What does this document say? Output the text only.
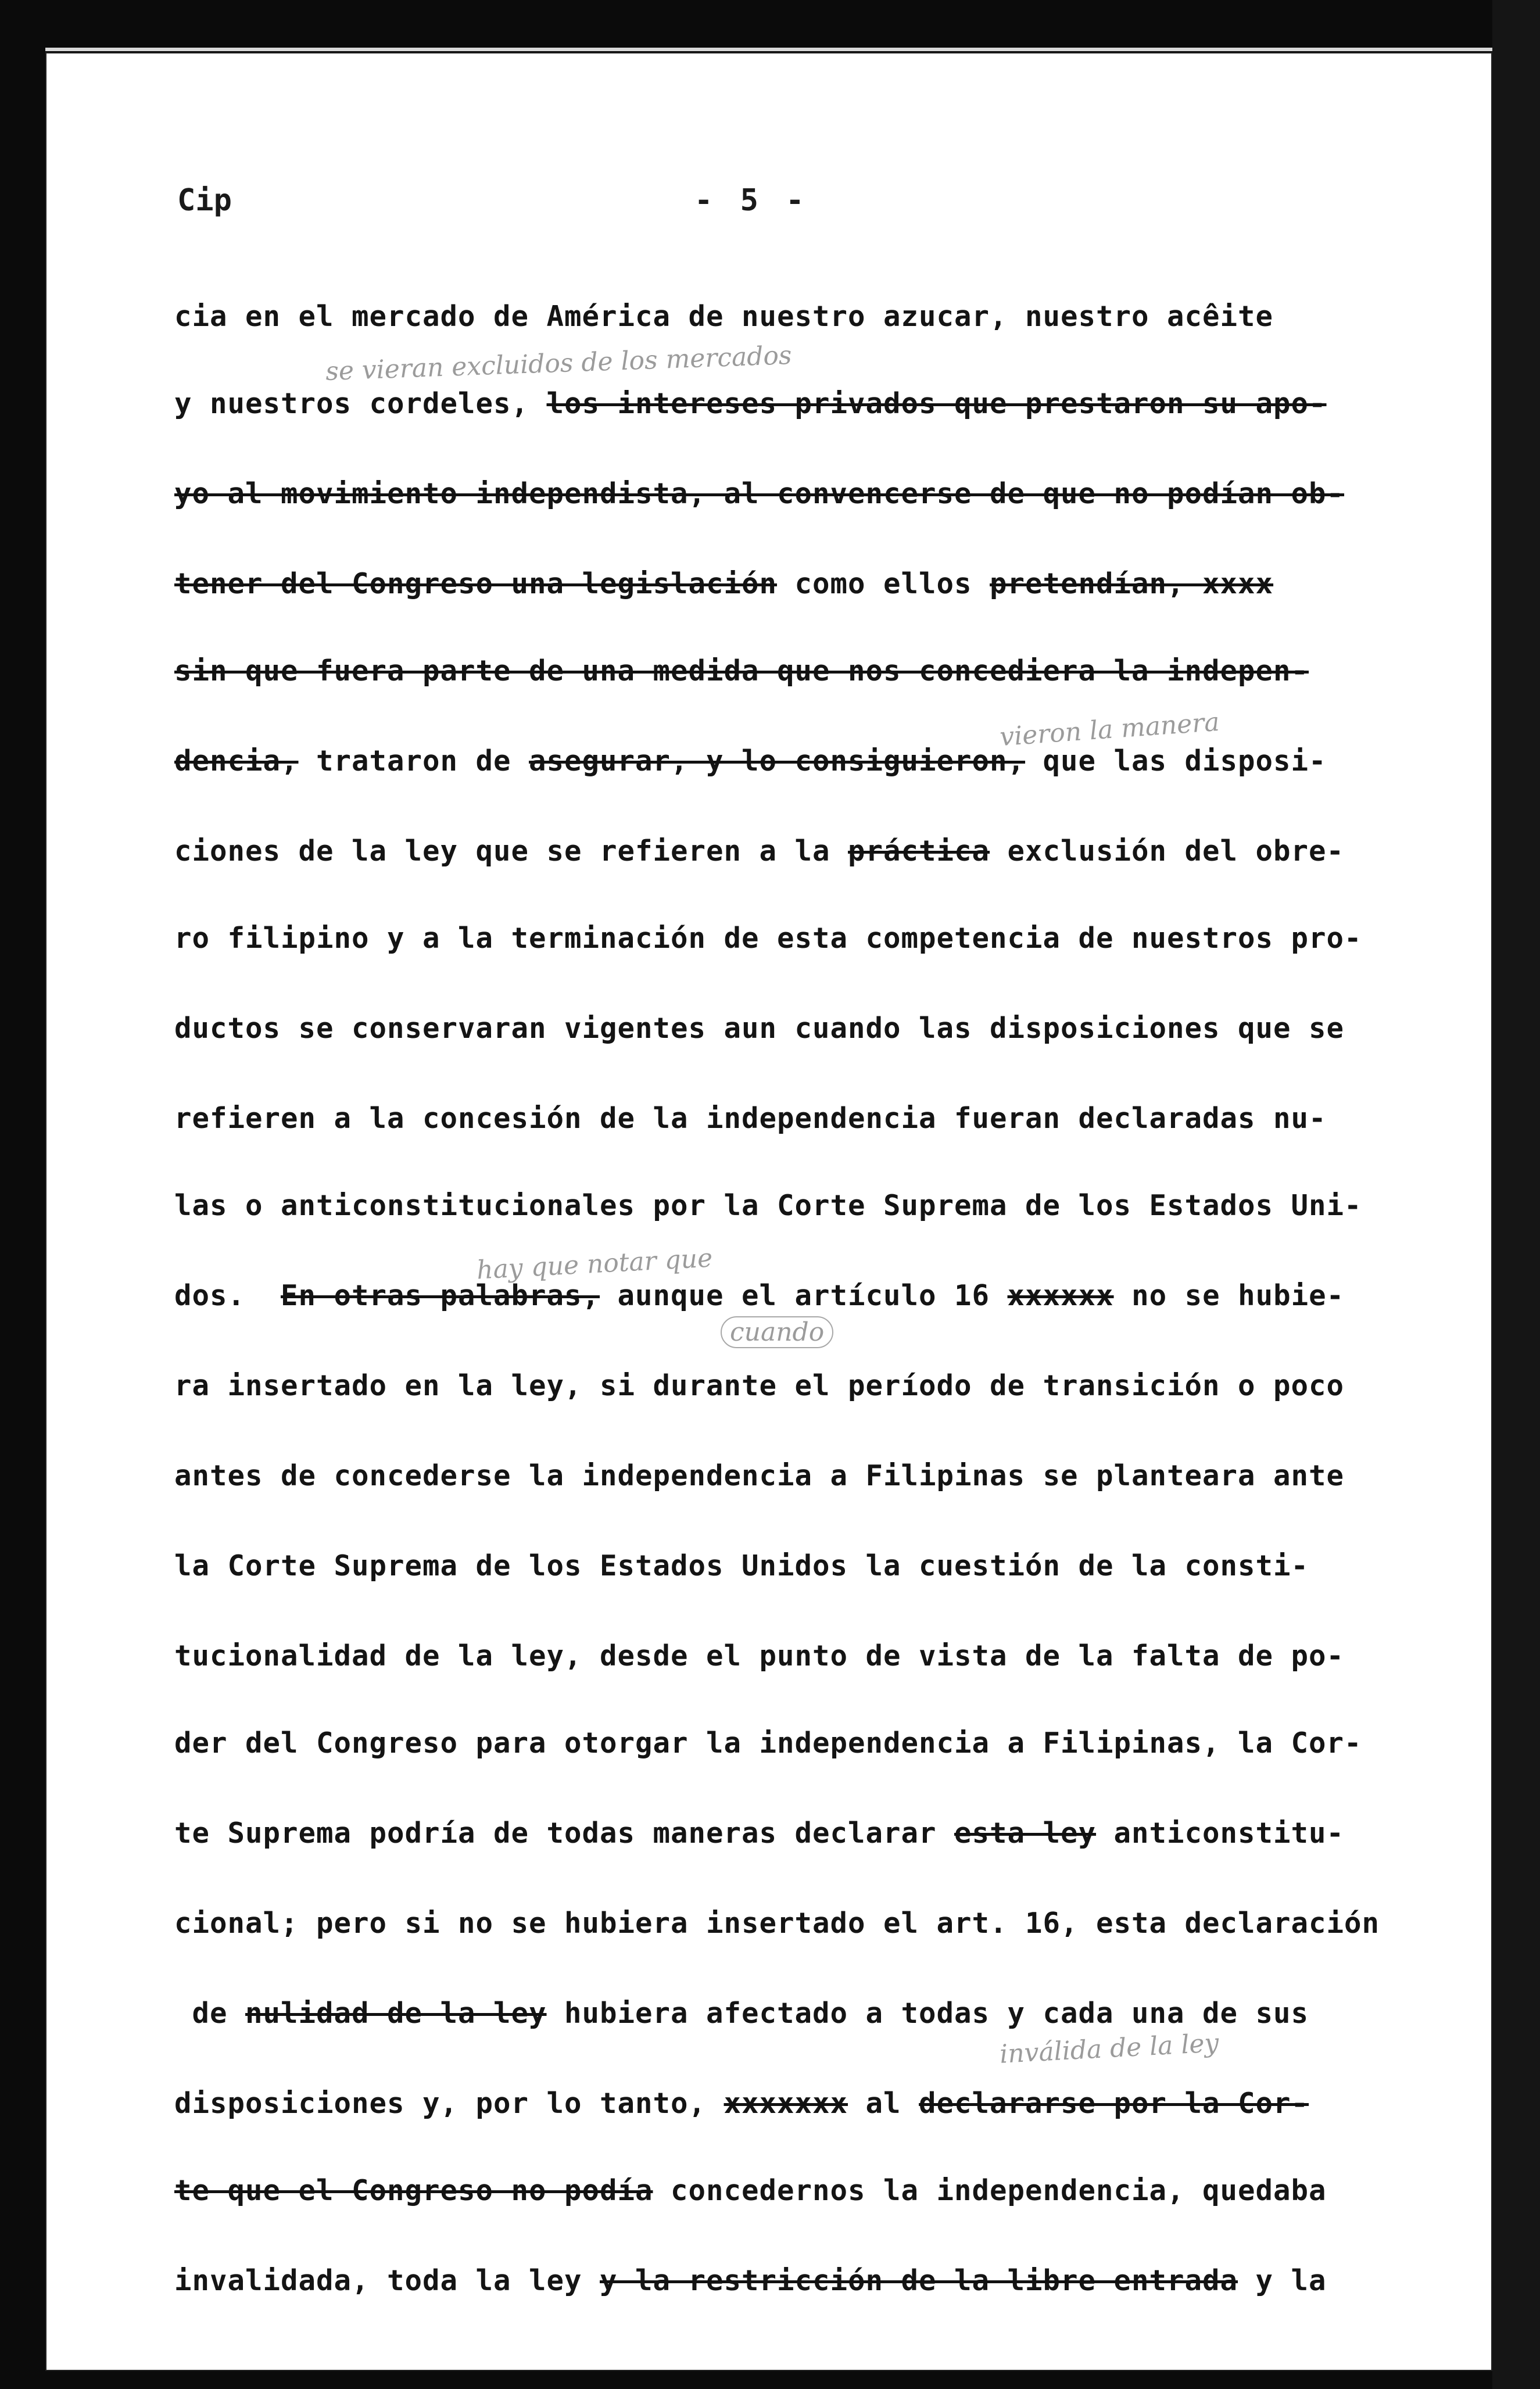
Cip	- 5 -
cia en el mercado de América de nuestro azucar, nuestro acêite
y nuestros cordeles, los intereses privados que prestaron su apo-
yo al movimiento independista, al convencerse de que no podían ob-
tener del Congreso una legislación como ellos pretendían, xxxx
sin que fuera parte de una medida que nos concediera la indepen-
dencia, trataron de asegurar, y lo consiguieron, que las disposi-
ciones de la ley que se refieren a la práctica exclusión del obre-
ro filipino y a la terminación de esta competencia de nuestros pro-
ductos se conservaran vigentes aun cuando las disposiciones que se
refieren a la concesión de la independencia fueran declaradas nu-
las o anticonstitucionales por la Corte Suprema de los Estados Uni-
dos.  En otras palabras, aunque el artículo 16 xxxxxx no se hubie-
ra insertado en la ley, si durante el período de transición o poco
antes de concederse la independencia a Filipinas se planteara ante
la Corte Suprema de los Estados Unidos la cuestión de la consti-
tucionalidad de la ley, desde el punto de vista de la falta de po-
der del Congreso para otorgar la independencia a Filipinas, la Cor-
te Suprema podría de todas maneras declarar esta ley anticonstitu-
cional; pero si no se hubiera insertado el art. 16, esta declaración
de nulidad de la ley hubiera afectado a todas y cada una de sus
disposiciones y, por lo tanto, xxxxxxx al declararse por la Cor-
te que el Congreso no podía concedernos la independencia, quedaba
invalidada, toda la ley y la restricción de la libre entrada y la
se vieran excluidos de los mercados
vieron la manera
hay que notar que
cuando
inválida de la ley
